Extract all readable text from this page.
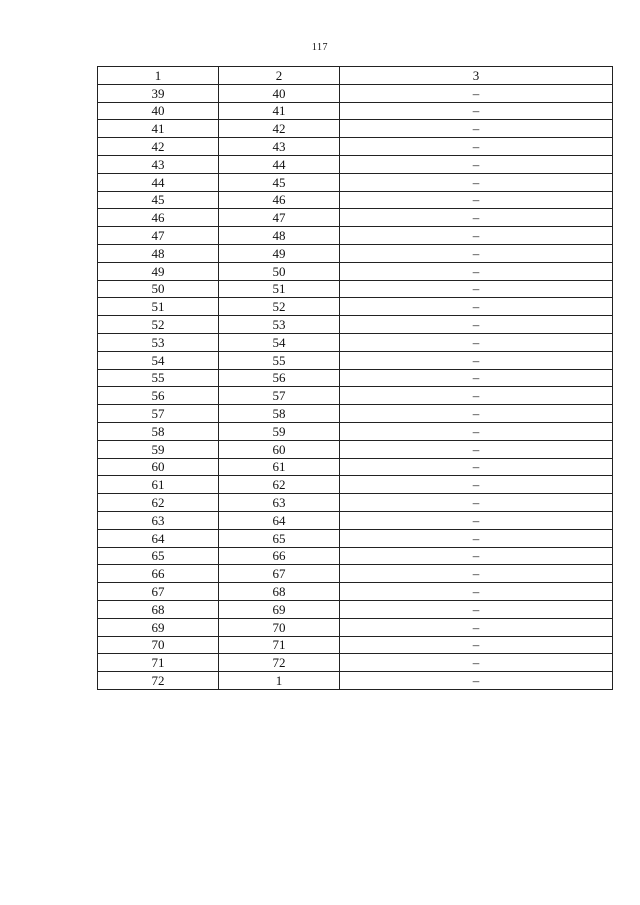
117
1	2	3
39	40	–
40	41	–
41	42	–
42	43	–
43	44	–
44	45	–
45	46	–
46	47	–
47	48	–
48	49	–
49	50	–
50	51	–
51	52	–
52	53	–
53	54	–
54	55	–
55	56	–
56	57	–
57	58	–
58	59	–
59	60	–
60	61	–
61	62	–
62	63	–
63	64	–
64	65	–
65	66	–
66	67	–
67	68	–
68	69	–
69	70	–
70	71	–
71	72	–
72	1	–
